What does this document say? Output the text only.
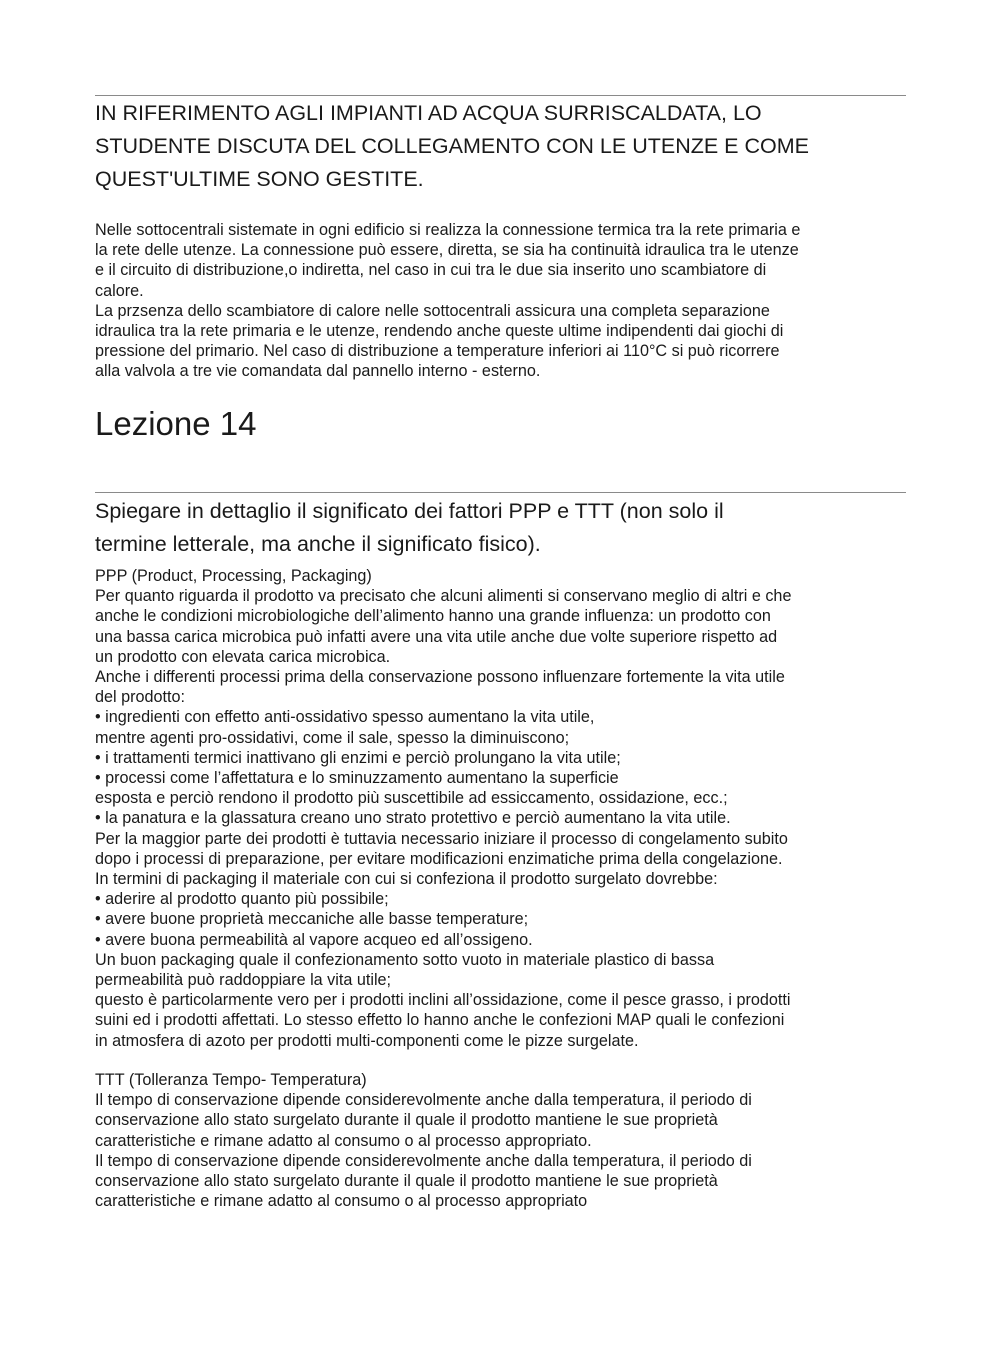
IN RIFERIMENTO AGLI IMPIANTI AD ACQUA SURRISCALDATA, LO
STUDENTE DISCUTA DEL COLLEGAMENTO CON LE UTENZE E COME
QUEST'ULTIME SONO GESTITE.
Nelle sottocentrali sistemate in ogni edificio si realizza la connessione termica tra la rete primaria e
la rete delle utenze. La connessione può essere, diretta, se sia ha continuità idraulica tra le utenze
e il circuito di distribuzione,o indiretta, nel caso in cui tra le due sia inserito uno scambiatore di
calore.
La przsenza dello scambiatore di calore nelle sottocentrali assicura una completa separazione
idraulica tra la rete primaria e le utenze, rendendo anche queste ultime indipendenti dai giochi di
pressione del primario. Nel caso di distribuzione a temperature inferiori ai 110°C si può ricorrere
alla valvola a tre vie comandata dal pannello interno - esterno.
Lezione 14
Spiegare in dettaglio il significato dei fattori PPP e TTT (non solo il
termine letterale, ma anche il significato fisico).
PPP (Product, Processing, Packaging)
Per quanto riguarda il prodotto va precisato che alcuni alimenti si conservano meglio di altri e che
anche le condizioni microbiologiche dell’alimento hanno una grande influenza: un prodotto con
una bassa carica microbica può infatti avere una vita utile anche due volte superiore rispetto ad
un prodotto con elevata carica microbica.
Anche i differenti processi prima della conservazione possono influenzare fortemente la vita utile
del prodotto:
• ingredienti con effetto anti-ossidativo spesso aumentano la vita utile,
mentre agenti pro-ossidativi, come il sale, spesso la diminuiscono;
• i trattamenti termici inattivano gli enzimi e perciò prolungano la vita utile;
• processi come l’affettatura e lo sminuzzamento aumentano la superficie
esposta e perciò rendono il prodotto più suscettibile ad essiccamento, ossidazione, ecc.;
• la panatura e la glassatura creano uno strato protettivo e perciò aumentano la vita utile.
Per la maggior parte dei prodotti è tuttavia necessario iniziare il processo di congelamento subito
dopo i processi di preparazione, per evitare modificazioni enzimatiche prima della congelazione.
In termini di packaging il materiale con cui si confeziona il prodotto surgelato dovrebbe:
• aderire al prodotto quanto più possibile;
• avere buone proprietà meccaniche alle basse temperature;
• avere buona permeabilità al vapore acqueo ed all’ossigeno.
Un buon packaging quale il confezionamento sotto vuoto in materiale plastico di bassa
permeabilità può raddoppiare la vita utile;
questo è particolarmente vero per i prodotti inclini all’ossidazione, come il pesce grasso, i prodotti
suini ed i prodotti affettati. Lo stesso effetto lo hanno anche le confezioni MAP quali le confezioni
in atmosfera di azoto per prodotti multi-componenti come le pizze surgelate.
TTT (Tolleranza Tempo- Temperatura)
Il tempo di conservazione dipende considerevolmente anche dalla temperatura, il periodo di
conservazione allo stato surgelato durante il quale il prodotto mantiene le sue proprietà
caratteristiche e rimane adatto al consumo o al processo appropriato.
Il tempo di conservazione dipende considerevolmente anche dalla temperatura, il periodo di
conservazione allo stato surgelato durante il quale il prodotto mantiene le sue proprietà
caratteristiche e rimane adatto al consumo o al processo appropriato
